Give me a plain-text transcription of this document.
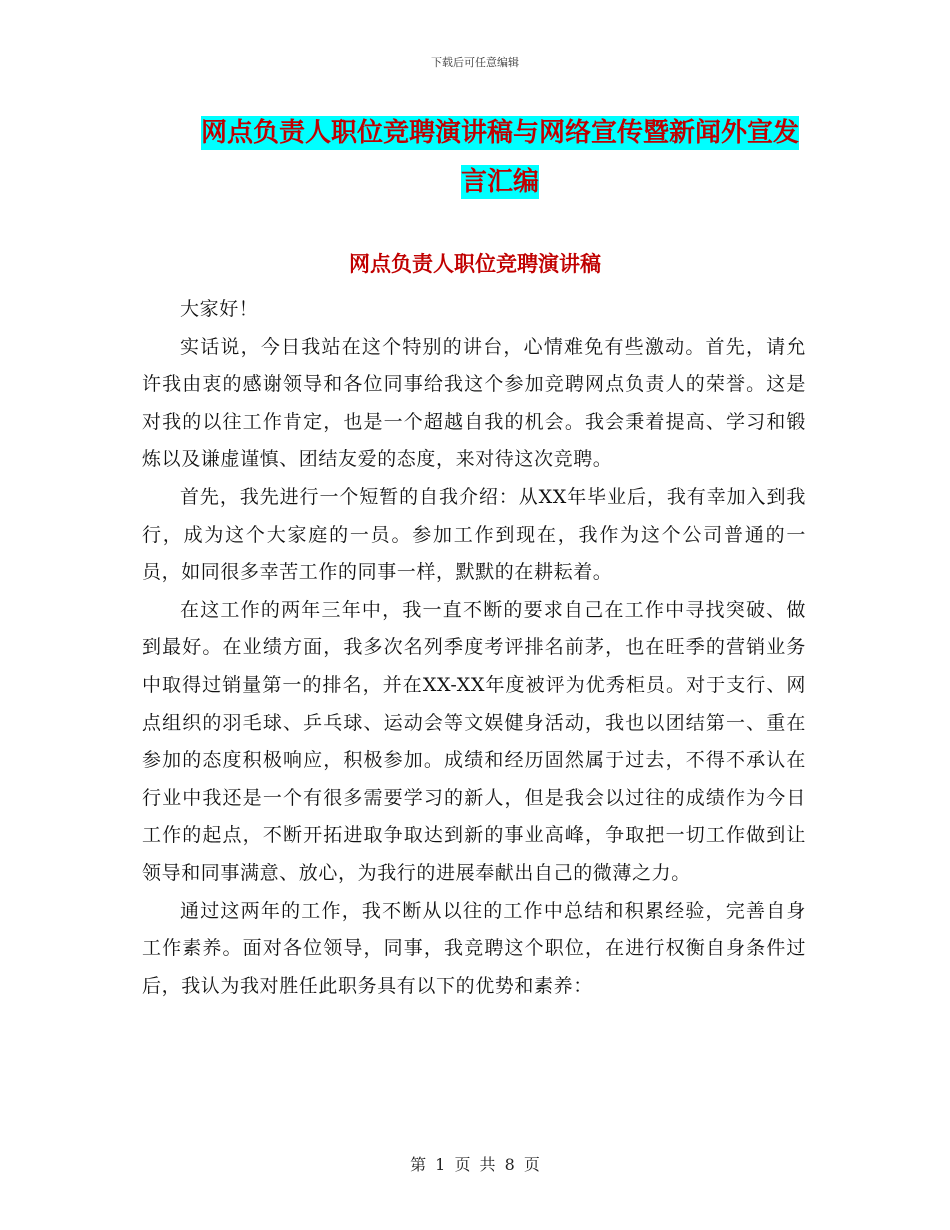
下载后可任意编辑
网点负责人职位竞聘演讲稿与网络宣传暨新闻外宣发
言汇编
网点负责人职位竞聘演讲稿

大家好！

实话说，今日我站在这个特别的讲台，心情难免有些激动。首先，请允许我由衷的感谢领导和各位同事给我这个参加竞聘网点负责人的荣誉。这是对我的以往工作肯定，也是一个超越自我的机会。我会秉着提高、学习和锻炼以及谦虚谨慎、团结友爱的态度，来对待这次竞聘。

首先，我先进行一个短暂的自我介绍：从XX年毕业后，我有幸加入到我行，成为这个大家庭的一员。参加工作到现在，我作为这个公司普通的一员，如同很多幸苦工作的同事一样，默默的在耕耘着。

在这工作的两年三年中，我一直不断的要求自己在工作中寻找突破、做到最好。在业绩方面，我多次名列季度考评排名前茅，也在旺季的营销业务中取得过销量第一的排名，并在XX-XX年度被评为优秀柜员。对于支行、网点组织的羽毛球、乒乓球、运动会等文娱健身活动，我也以团结第一、重在参加的态度积极响应，积极参加。成绩和经历固然属于过去，不得不承认在行业中我还是一个有很多需要学习的新人，但是我会以过往的成绩作为今日工作的起点，不断开拓进取争取达到新的事业高峰，争取把一切工作做到让领导和同事满意、放心，为我行的进展奉献出自己的微薄之力。

通过这两年的工作，我不断从以往的工作中总结和积累经验，完善自身工作素养。面对各位领导，同事，我竞聘这个职位，在进行权衡自身条件过后，我认为我对胜任此职务具有以下的优势和素养：

第 1 页 共 8 页
